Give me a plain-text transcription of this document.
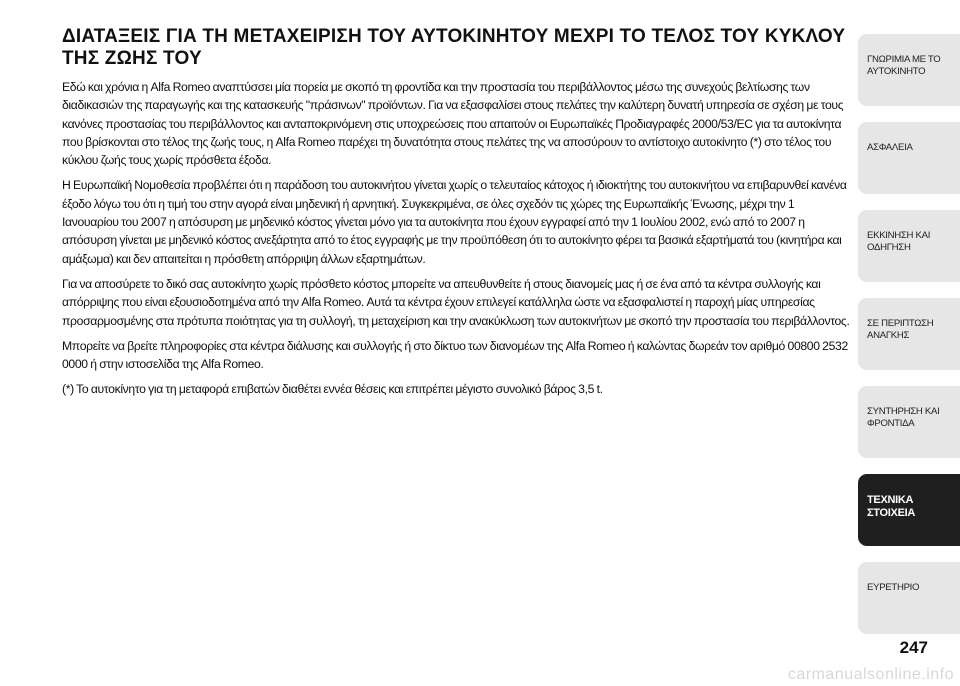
ΔΙΑΤΑΞΕΙΣ ΓΙΑ ΤΗ ΜΕΤΑΧΕΙΡΙΣΗ ΤΟΥ ΑΥΤΟΚΙΝΗΤΟΥ ΜΕΧΡΙ ΤΟ ΤΕΛΟΣ ΤΟΥ ΚΥΚΛΟΥ ΤΗΣ ΖΩΗΣ ΤΟΥ

Εδώ και χρόνια η Alfa Romeo αναπτύσσει μία πορεία με σκοπό τη φροντίδα και την προστασία του περιβάλλοντος μέσω της συνεχούς βελτίωσης των διαδικασιών της παραγωγής και της κατασκευής "πράσινων" προϊόντων. Για να εξασφαλίσει στους πελάτες την καλύτερη δυνατή υπηρεσία σε σχέση με τους κανόνες προστασίας του περιβάλλοντος και ανταποκρινόμενη στις υποχρεώσεις που απαιτούν οι Ευρωπαϊκές Προδιαγραφές 2000/53/EC για τα αυτοκίνητα που βρίσκονται στο τέλος της ζωής τους, η Alfa Romeo παρέχει τη δυνατότητα στους πελάτες της να αποσύρουν το αντίστοιχο αυτοκίνητο (*) στο τέλος του κύκλου ζωής τους χωρίς πρόσθετα έξοδα.

Η Ευρωπαϊκή Νομοθεσία προβλέπει ότι η παράδοση του αυτοκινήτου γίνεται χωρίς ο τελευταίος κάτοχος ή ιδιοκτήτης του αυτοκινήτου να επιβαρυνθεί κανένα έξοδο λόγω του ότι η τιμή του στην αγορά είναι μηδενική ή αρνητική. Συγκεκριμένα, σε όλες σχεδόν τις χώρες της Ευρωπαϊκής Ένωσης, μέχρι την 1 Ιανουαρίου του 2007 η απόσυρση με μηδενικό κόστος γίνεται μόνο για τα αυτοκίνητα που έχουν εγγραφεί από την 1 Ιουλίου 2002, ενώ από το 2007 η απόσυρση γίνεται με μηδενικό κόστος ανεξάρτητα από το έτος εγγραφής με την προϋπόθεση ότι το αυτοκίνητο φέρει τα βασικά εξαρτήματά του (κινητήρα και αμάξωμα) και δεν απαιτείται η πρόσθετη απόρριψη άλλων εξαρτημάτων.

Για να αποσύρετε το δικό σας αυτοκίνητο χωρίς πρόσθετο κόστος μπορείτε να απευθυνθείτε ή στους διανομείς μας ή σε ένα από τα κέντρα συλλογής και απόρριψης που είναι εξουσιοδοτημένα από την Alfa Romeo. Αυτά τα κέντρα έχουν επιλεγεί κατάλληλα ώστε να εξασφαλιστεί η παροχή μίας υπηρεσίας προσαρμοσμένης στα πρότυπα ποιότητας για τη συλλογή, τη μεταχείριση και την ανακύκλωση των αυτοκινήτων με σκοπό την προστασία του περιβάλλοντος.

Μπορείτε να βρείτε πληροφορίες στα κέντρα διάλυσης και συλλογής ή στο δίκτυο των διανομέων της Alfa Romeo ή καλώντας δωρεάν τον αριθμό 00800 2532 0000 ή στην ιστοσελίδα της Alfa Romeo.

(*) Το αυτοκίνητο για τη μεταφορά επιβατών διαθέτει εννέα θέσεις και επιτρέπει μέγιστο συνολικό βάρος 3,5 t.

ΓΝΩΡΙΜΙΑ ΜΕ ΤΟ
ΑΥΤΟΚΙΝΗΤΟ
ΑΣΦΑΛΕΙΑ
ΕΚΚΙΝΗΣΗ ΚΑΙ
ΟΔΗΓΗΣΗ
ΣΕ ΠΕΡΙΠΤΩΣΗ
ΑΝΑΓΚΗΣ
ΣΥΝΤΗΡΗΣΗ ΚΑΙ
ΦΡΟΝΤΙΔΑ
ΤΕΧΝΙΚΑ
ΣΤΟΙΧΕΙΑ
ΕΥΡΕΤΗΡΙΟ
247
carmanualsonline.info
